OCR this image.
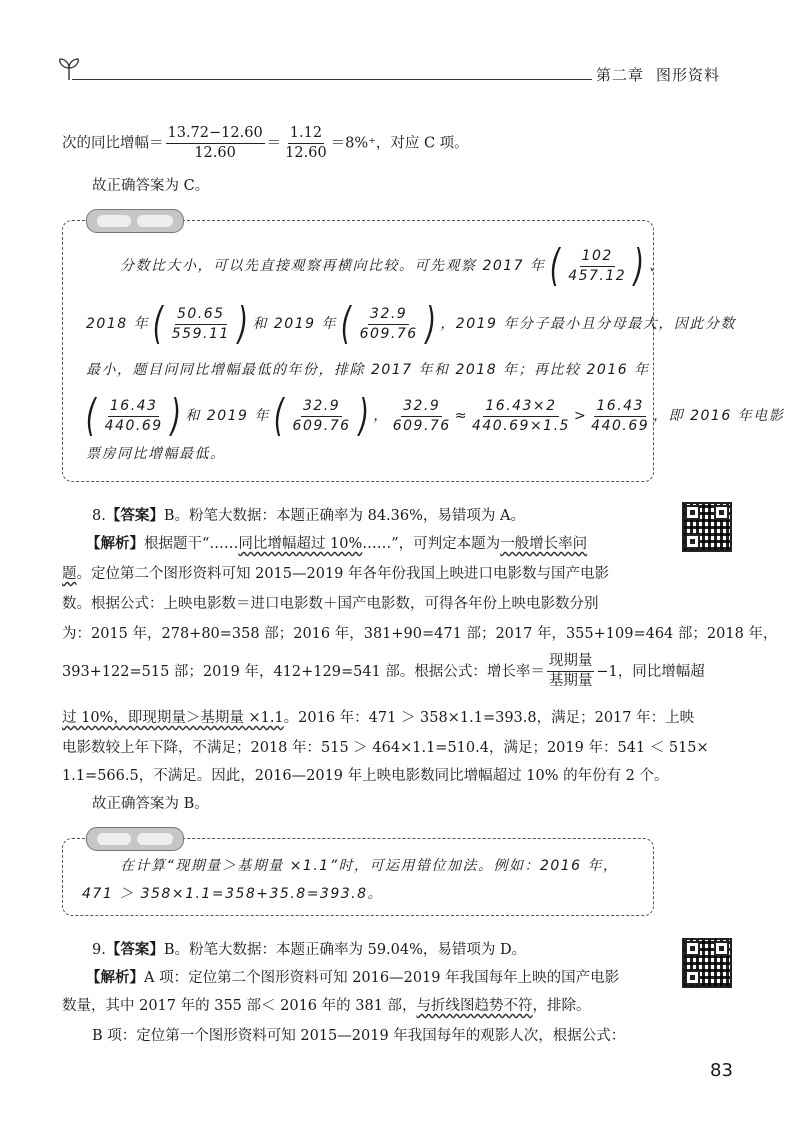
第二章 图形资料
次的同比增幅＝ $\frac{13.72-12.60}{12.60} = \frac{1.12}{12.60} =8\%^+$，对应 C 项。
故正确答案为 C。
分数比大小，可以先直接观察再横向比较。可先观察 2017 年 ( $\frac{102}{457.12}$ ) 、
2018 年 ( $\frac{50.65}{559.11}$ ) 和 2019 年 ( $\frac{32.9}{609.76}$ ) ，2019 年分子最小且分母最大，因此分数
最小，题目问同比增幅最低的年份，排除 2017 年和 2018 年；再比较 2016 年
( $\frac{16.43}{440.69}$ ) 和 2019 年 ( $\frac{32.9}{609.76}$ ) ， $\frac{32.9}{609.76} \approx \frac{16.43\times 2}{440.69\times 1.5} > \frac{16.43}{440.69}$ ，即 2016 年电影
票房同比增幅最低。
8.【答案】B。粉笔大数据：本题正确率为 84.36%，易错项为 A。
【解析】根据题干“……同比增幅超过 10%……”，可判定本题为一般增长率问
题。定位第二个图形资料可知 2015—2019 年各年份我国上映进口电影数与国产电影
数。根据公式：上映电影数＝进口电影数＋国产电影数，可得各年份上映电影数分别
为：2015 年，278+80=358 部；2016 年，381+90=471 部；2017 年，355+109=464 部；2018 年，
393+122=515 部；2019 年，412+129=541 部。根据公式：增长率＝ $\frac{\text{现期量}}{\text{基期量}} -1$，同比增幅超
过 10%，即现期量＞基期量 ×1.1。2016 年：471 ＞ 358×1.1=393.8，满足；2017 年：上映
电影数较上年下降，不满足；2018 年：515 ＞ 464×1.1=510.4，满足；2019 年：541 ＜ 515×
1.1=566.5，不满足。因此，2016—2019 年上映电影数同比增幅超过 10% 的年份有 2 个。
故正确答案为 B。
在计算“现期量＞基期量 ×1.1”时，可运用错位加法。例如：2016 年，
471 ＞ 358×1.1=358+35.8=393.8。
9.【答案】B。粉笔大数据：本题正确率为 59.04%，易错项为 D。
【解析】A 项：定位第二个图形资料可知 2016—2019 年我国每年上映的国产电影
数量，其中 2017 年的 355 部＜ 2016 年的 381 部，与折线图趋势不符，排除。
B 项：定位第一个图形资料可知 2015—2019 年我国每年的观影人次，根据公式：
83
